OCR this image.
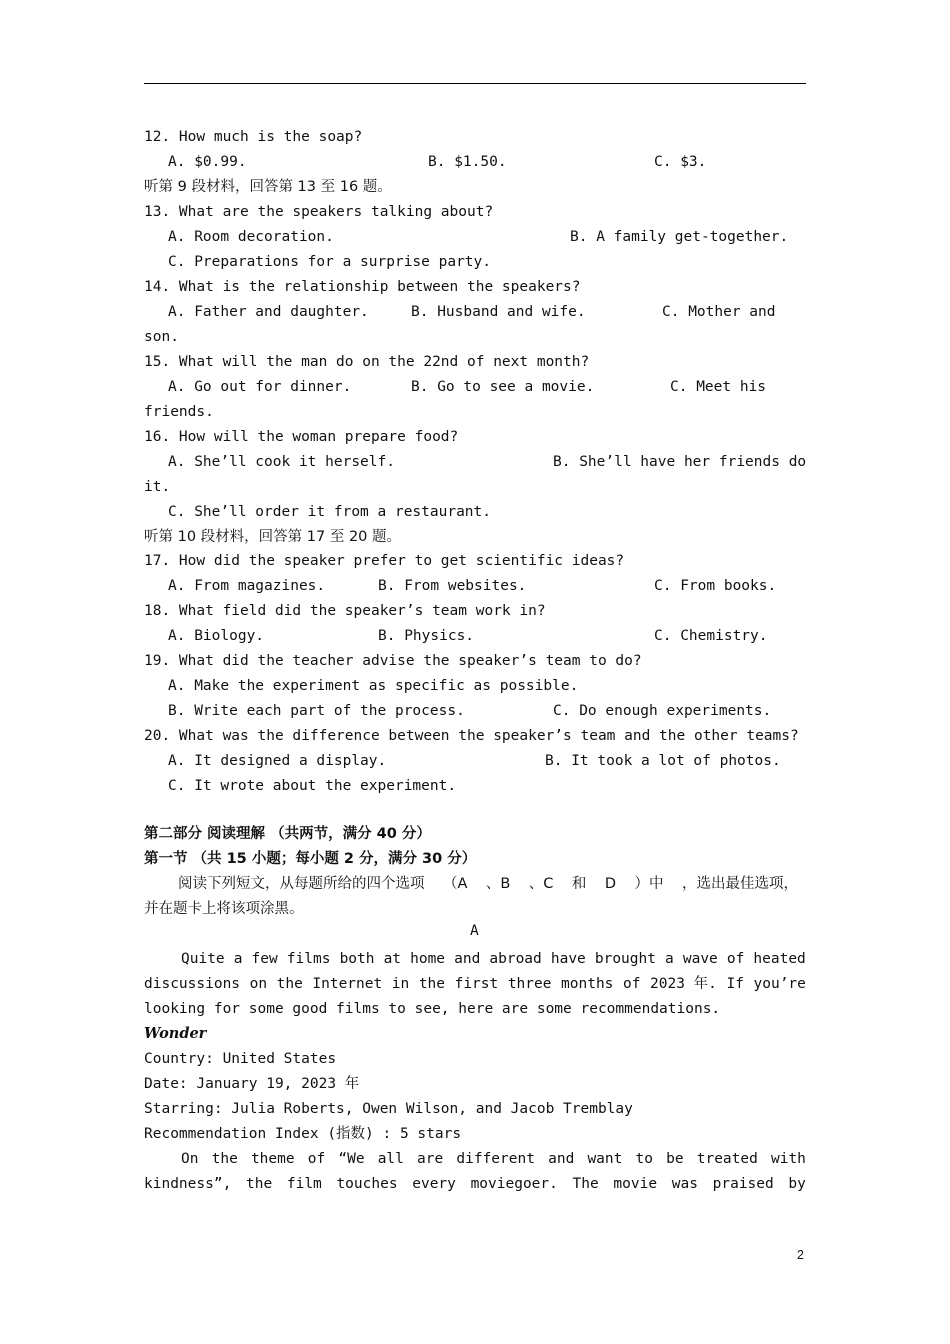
12. How much is the soap?
A. $0.99.	B. $1.50.	C. $3.
听第 9 段材料，回答第 13 至 16 题。
13. What are the speakers talking about?
A. Room decoration.	B. A family get-together.
C. Preparations for a surprise party.
14. What is the relationship between the speakers?
A. Father and daughter.	B. Husband and wife.	C. Mother and
son.
15. What will the man do on the 22nd of next month?
A. Go out for dinner.	B. Go to see a movie.	C. Meet his
friends.
16. How will the woman prepare food?
A. She’ll cook it herself.	B. She’ll have her friends do
it.
C. She’ll order it from a restaurant.
听第 10 段材料，回答第 17 至 20 题。
17. How did the speaker prefer to get scientific ideas?
A. From magazines.	B. From websites.	C. From books.
18. What field did the speaker’s team work in?
A. Biology.	B. Physics.	C. Chemistry.
19. What did the teacher advise the speaker’s team to do?
A. Make the experiment as specific as possible.
B. Write each part of the process.	C. Do enough experiments.
20. What was the difference between the speaker’s team and the other teams?
A. It designed a display.	B. It took a lot of photos.
C. It wrote about the experiment.
第二部分 阅读理解 （共两节，满分 40 分）
第一节 （共 15 小题；每小题 2 分，满分 30 分）
阅读下列短文，从每题所给的四个选项 （A 、B 、C 和 D ）中 ，选出最佳选项，
并在题卡上将该项涂黑。
A
Quite a few films both at home and abroad have brought a wave of heated
discussions on the Internet in the first three months of 2023 年. If you’re
looking for some good films to see, here are some recommendations.
Wonder
Country: United States
Date: January 19, 2023 年
Starring: Julia Roberts, Owen Wilson, and Jacob Tremblay
Recommendation Index (指数) : 5 stars
On the theme of “We all are different and want to be treated with
kindness”, the film touches every moviegoer. The movie was praised by
2
